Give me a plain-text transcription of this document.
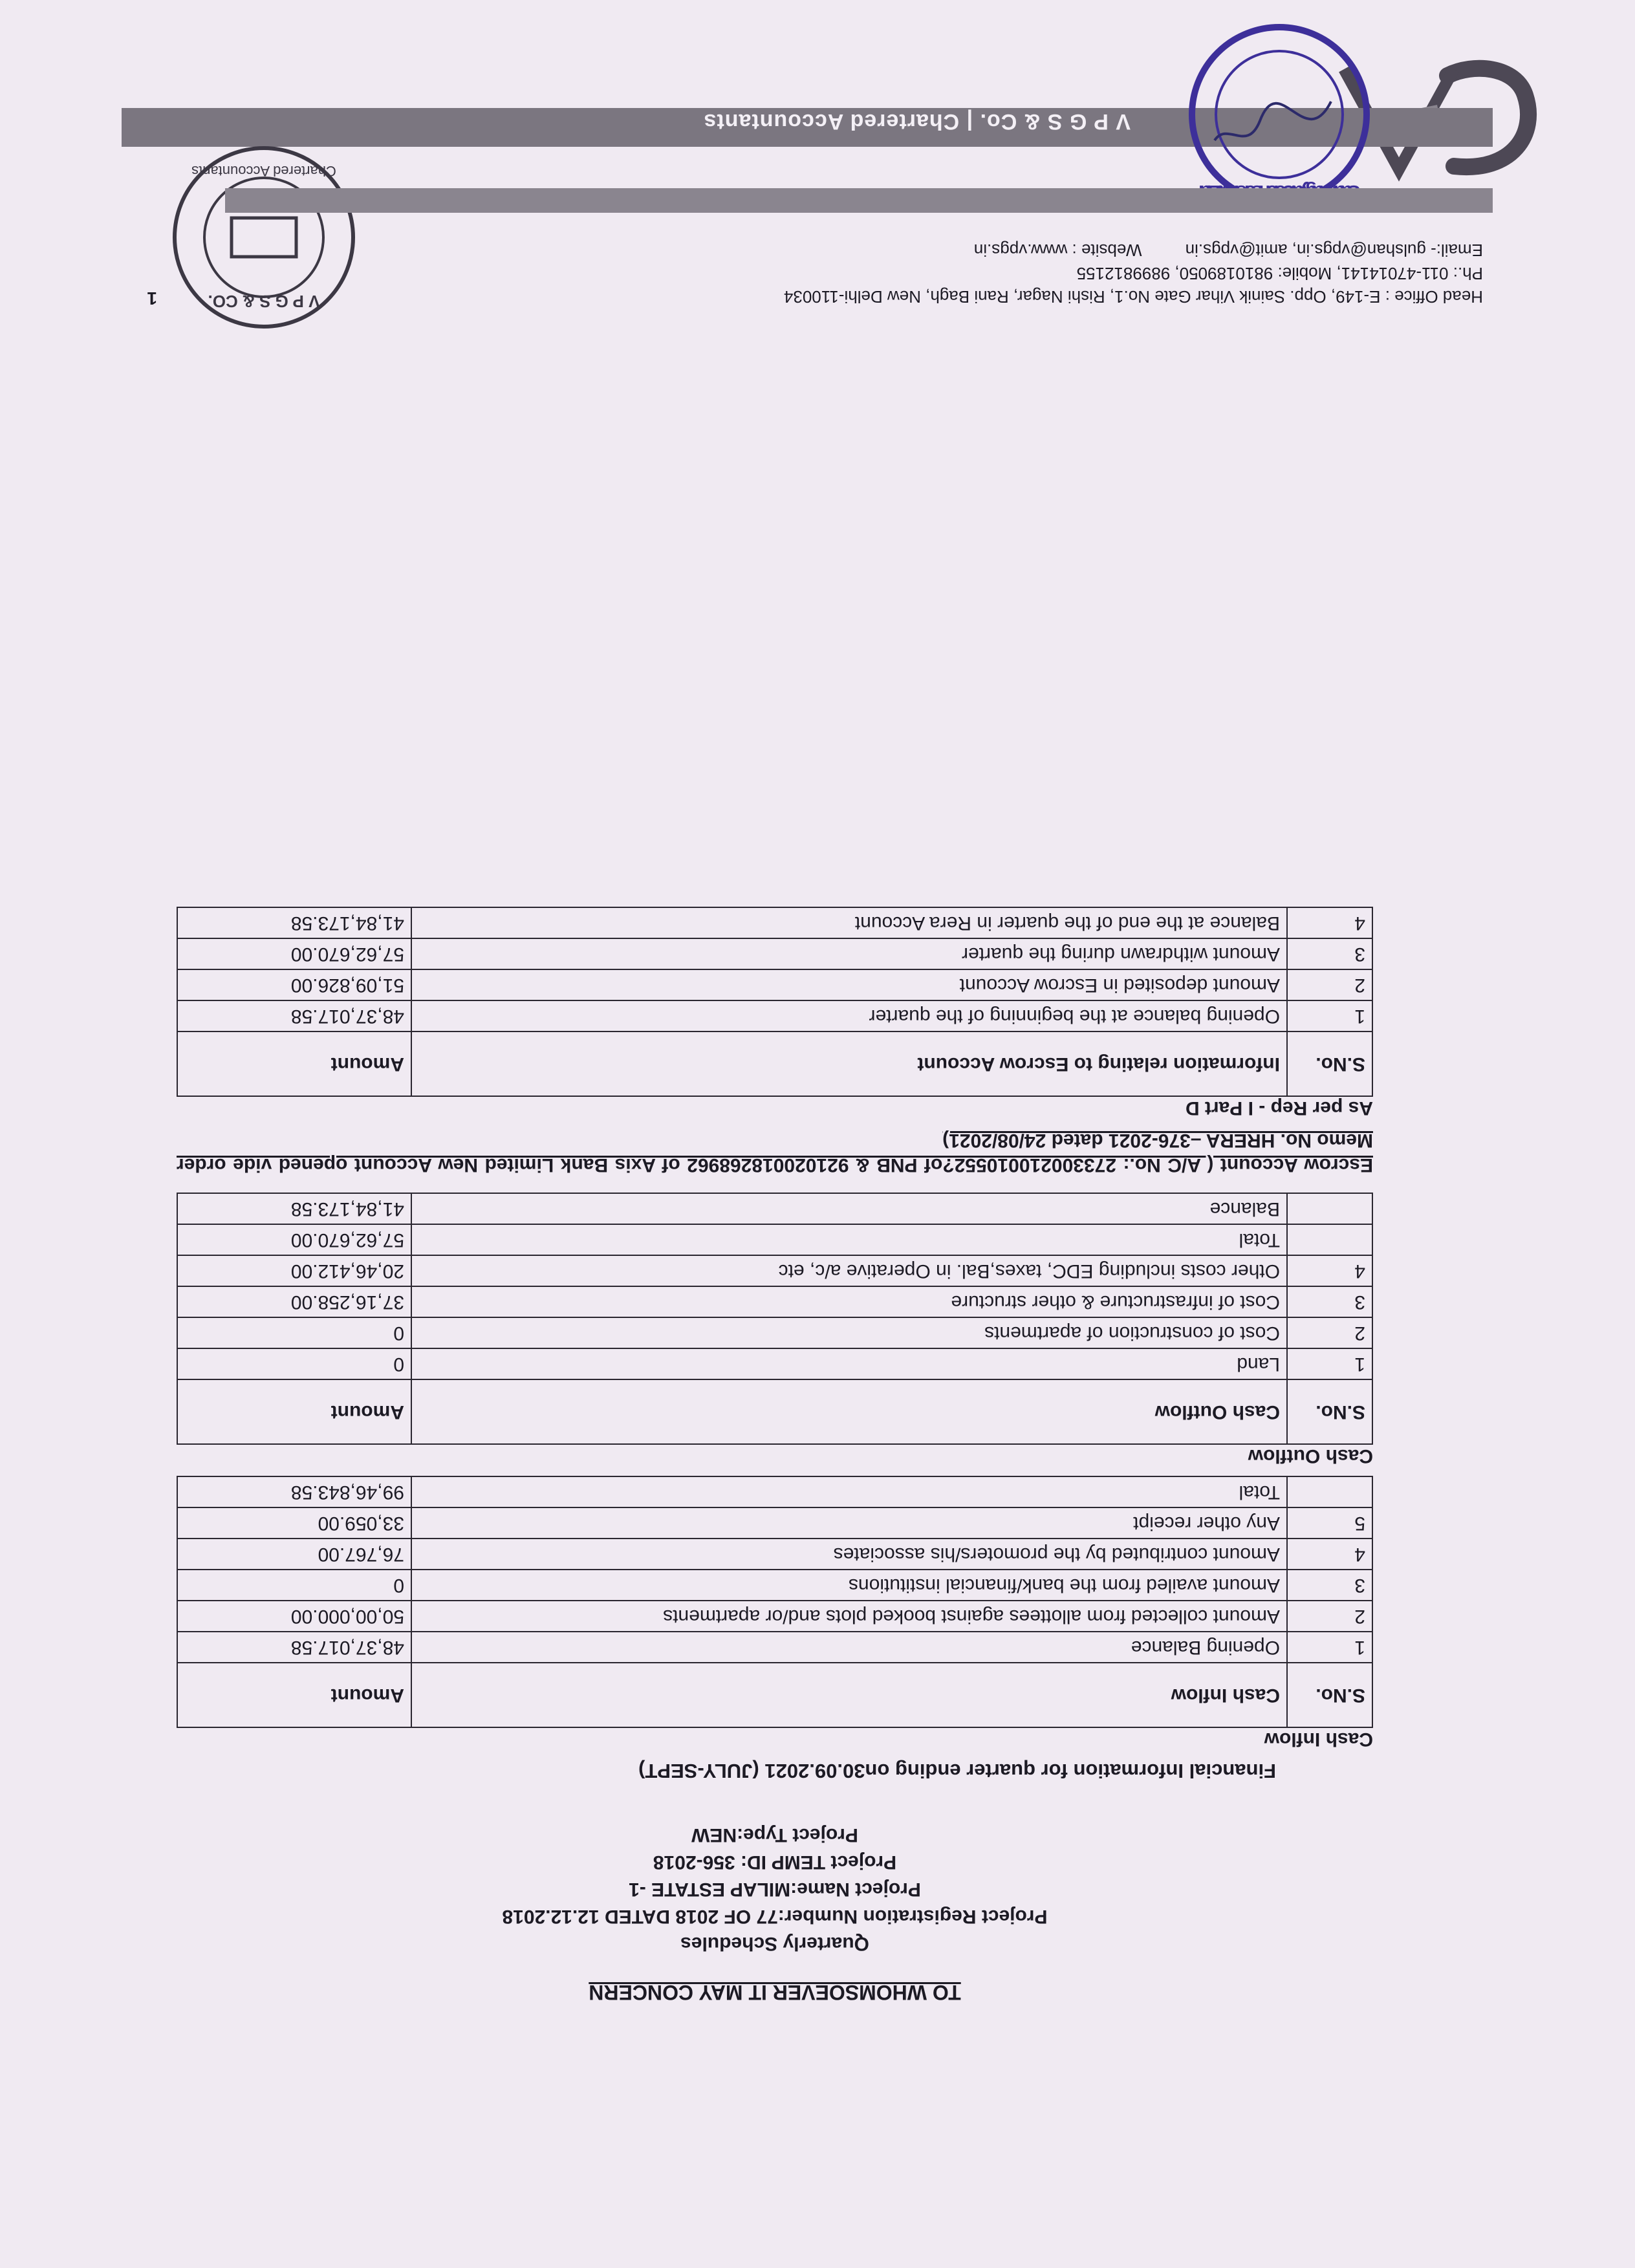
V P G S & Co. | Chartered Accountants
TO WHOMSOEVER IT MAY CONCERN
Quarterly Schedules
Project Registration Number:77 OF 2018 DATED 12.12.2018
Project Name:MILAP ESTATE -1
Project TEMP ID: 356-2018
Project Type:NEW
Financial Information for quarter ending on30.09.2021 (JULY-SEPT)
Cash Inflow
S.No.	Cash Inflow	Amount
1	Opening Balance	48,37,017.58
2	Amount collected from allottees against booked plots and/or apartments	50,00,000.00
3	Amount availed from the bank/financial institutions	0
4	Amount contributed by the promoters/his associates	76,767.00
5	Any other receipt	33,059.00
	Total	99,46,843.58
Cash Outflow
S.No.	Cash Outflow	Amount
1	Land	0
2	Cost of construction of apartments	0
3	Cost of infrastructure & other structure	37,16,258.00
4	Other costs including EDC, taxes,Bal. in Operative a/c, etc	20,46,412.00
	Total	57,62,670.00
	Balance	41,84,173.58
Escrow Account ( A/C No.: 273300210010552?of PNB & 921020018268962 of Axis Bank Limited New Account opened vide order Memo No. HRERA –376-2021 dated 24/08/2021)
As per Rep - I Part D
S.No.	Information relating to Escrow Account	Amount
1	Opening balance at the beginning of the quarter	48,37,017.58
2	Amount deposited in Escrow Account	51,09,826.00
3	Amount withdrawn during the quarter	57,62,670.00
4	Balance at the end of the quarter in Rera Account	41,84,173.58
V P G S & CO.
Chartered Accountants
Head Office : E-149, Opp. Sainik Vihar Gate No.1, Rishi Nagar, Rani Bagh, New Delhi-110034
Ph.: 011-47014141, Mobile: 9810189050, 9899812155
Email:- gulshan@vpgs.in, amit@vpgs.in Website : www.vpgs.in
1
